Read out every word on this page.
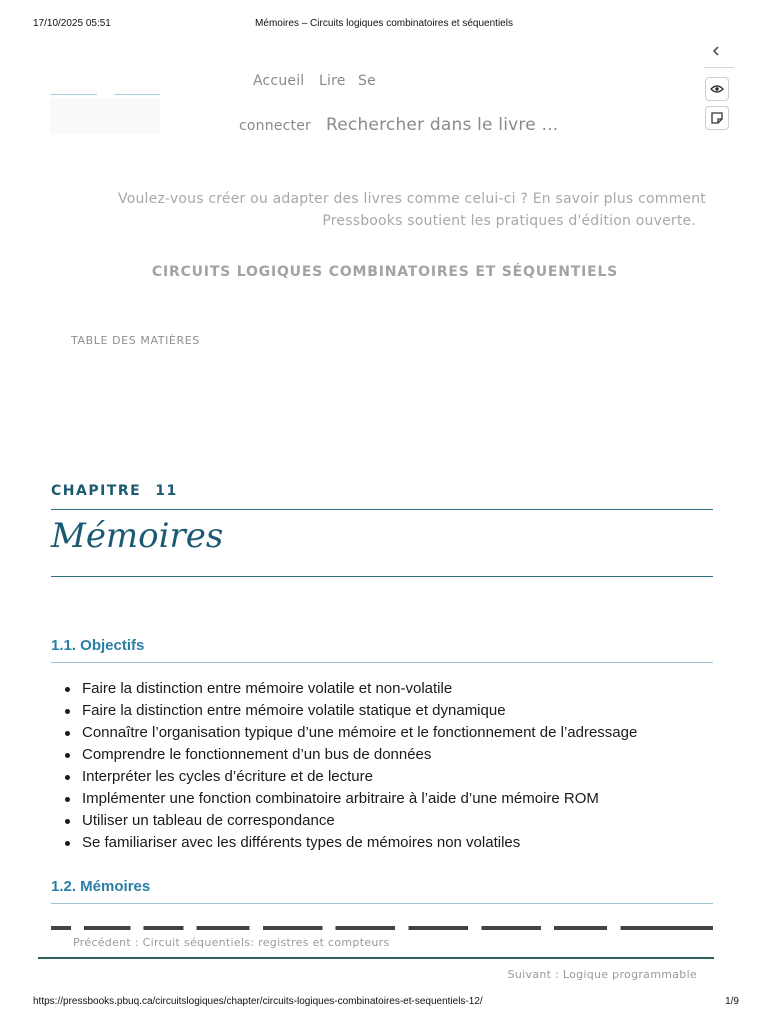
17/10/2025 05:51	Mémoires – Circuits logiques combinatoires et séquentiels
Accueil Lire Se
connecter Rechercher dans le livre ...
Voulez-vous créer ou adapter des livres comme celui-ci ? En savoir plus comment
Pressbooks soutient les pratiques d'édition ouverte.
CIRCUITS LOGIQUES COMBINATOIRES ET SÉQUENTIELS
TABLE DES MATIÈRES
CHAPITRE 11
Mémoires
1.1. Objectifs
Faire la distinction entre mémoire volatile et non-volatile
Faire la distinction entre mémoire volatile statique et dynamique
Connaître l’organisation typique d’une mémoire et le fonctionnement de l’adressage
Comprendre le fonctionnement d’un bus de données
Interpréter les cycles d’écriture et de lecture
Implémenter une fonction combinatoire arbitraire à l’aide d’une mémoire ROM
Utiliser un tableau de correspondance
Se familiariser avec les différents types de mémoires non volatiles
1.2. Mémoires
Précédent : Circuit séquentiels: registres et compteurs
Suivant : Logique programmable
https://pressbooks.pbuq.ca/circuitslogiques/chapter/circuits-logiques-combinatoires-et-sequentiels-12/	1/9
